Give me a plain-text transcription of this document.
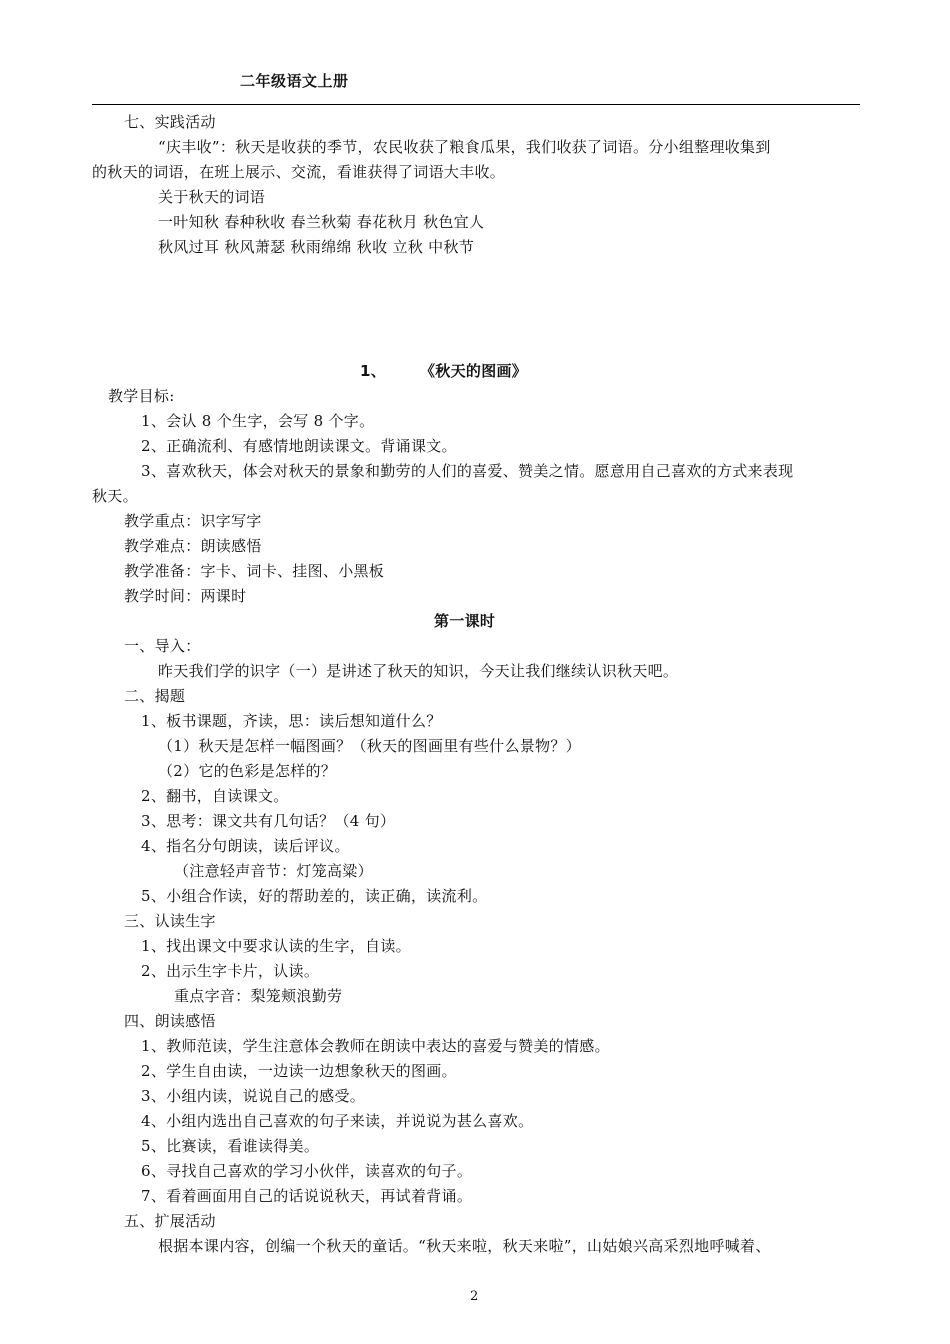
二年级语文上册
七、实践活动
“庆丰收”：秋天是收获的季节，农民收获了粮食瓜果，我们收获了词语。分小组整理收集到
的秋天的词语，在班上展示、交流，看谁获得了词语大丰收。
关于秋天的词语
一叶知秋 春种秋收 春兰秋菊 春花秋月 秋色宜人
秋风过耳 秋风萧瑟 秋雨绵绵 秋收 立秋 中秋节
1、 《秋天的图画》
教学目标:
1、会认 8 个生字，会写 8 个字。
2、正确流利、有感情地朗读课文。背诵课文。
3、喜欢秋天，体会对秋天的景象和勤劳的人们的喜爱、赞美之情。愿意用自己喜欢的方式来表现
秋天。
教学重点：识字写字
教学难点：朗读感悟
教学准备：字卡、词卡、挂图、小黑板
教学时间：两课时
第一课时
一、导入：
昨天我们学的识字（一）是讲述了秋天的知识，今天让我们继续认识秋天吧。
二、揭题
1、板书课题，齐读，思：读后想知道什么？
（1）秋天是怎样一幅图画？（秋天的图画里有些什么景物？）
（2）它的色彩是怎样的？
2、翻书，自读课文。
3、思考：课文共有几句话？（4 句）
4、指名分句朗读，读后评议。
（注意轻声音节：灯笼高粱）
5、小组合作读，好的帮助差的，读正确，读流利。
三、认读生字
1、找出课文中要求认读的生字，自读。
2、出示生字卡片，认读。
重点字音：梨笼颊浪勤劳
四、朗读感悟
1、教师范读，学生注意体会教师在朗读中表达的喜爱与赞美的情感。
2、学生自由读，一边读一边想象秋天的图画。
3、小组内读，说说自己的感受。
4、小组内选出自己喜欢的句子来读，并说说为甚么喜欢。
5、比赛读，看谁读得美。
6、寻找自己喜欢的学习小伙伴，读喜欢的句子。
7、看着画面用自己的话说说秋天，再试着背诵。
五、扩展活动
根据本课内容，创编一个秋天的童话。“秋天来啦，秋天来啦”，山姑娘兴高采烈地呼喊着、
2
